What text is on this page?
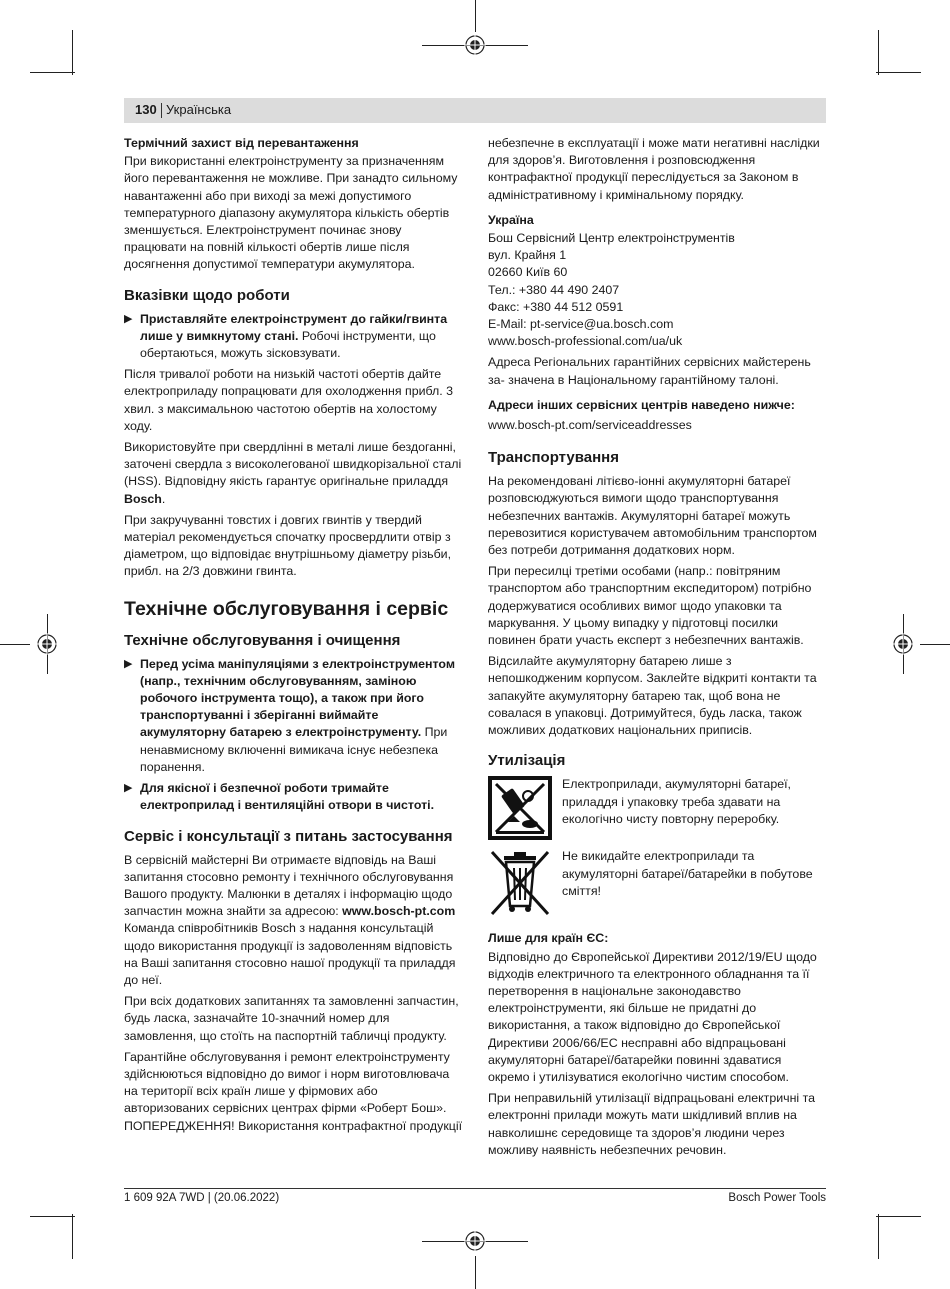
130 Українська
Термічний захист від перевантаження

При використанні електроінструменту за призначенням його перевантаження не можливе. При занадто сильному навантаженні або при виході за межі допустимого температурного діапазону акумулятора кількість обертів зменшується. Електроінструмент починає знову працювати на повній кількості обертів лише після досягнення допустимої температури акумулятора.

Вказівки щодо роботи
▶ Приставляйте електроінструмент до гайки/гвинта лише у вимкнутому стані. Робочі інструменти, що обертаються, можуть зісковзувати.

Після тривалої роботи на низькій частоті обертів дайте електроприладу попрацювати для охолодження прибл. 3 хвил. з максимальною частотою обертів на холостому ходу.

Використовуйте при свердлінні в металі лише бездоганні, заточені свердла з високолегованої швидкорізальної сталі (HSS). Відповідну якість гарантує оригінальне приладдя Bosch.

При закручуванні товстих і довгих гвинтів у твердий матеріал рекомендується спочатку просвердлити отвір з діаметром, що відповідає внутрішньому діаметру різьби, прибл. на 2/3 довжини гвинта.

Технічне обслуговування і сервіс
Технічне обслуговування і очищення
▶ Перед усіма маніпуляціями з електроінструментом (напр., технічним обслуговуванням, заміною робочого інструмента тощо), а також при його транспортуванні і зберіганні виймайте акумуляторну батарею з електроінструменту. При ненавмисному включенні вимикача існує небезпека поранення.
▶ Для якісної і безпечної роботи тримайте електроприлад і вентиляційні отвори в чистоті.
Сервіс і консультації з питань застосування

В сервісній майстерні Ви отримаєте відповідь на Ваші запитання стосовно ремонту і технічного обслуговування Вашого продукту. Малюнки в деталях і інформацію щодо запчастин можна знайти за адресою: www.bosch-pt.com Команда співробітників Bosch з надання консультацій щодо використання продукції із задоволенням відповість на Ваші запитання стосовно нашої продукції та приладдя до неї.

При всіх додаткових запитаннях та замовленні запчастин, будь ласка, зазначайте 10-значний номер для замовлення, що стоїть на паспортній табличці продукту.

Гарантійне обслуговування і ремонт електроінструменту здійснюються відповідно до вимог і норм виготовлювача на території всіх країн лише у фірмових або авторизованих сервісних центрах фірми «Роберт Бош». ПОПЕРЕДЖЕННЯ! Використання контрафактної продукції

небезпечне в експлуатації і може мати негативні наслідки для здоров’я. Виготовлення і розповсюдження контрафактної продукції переслідується за Законом в адміністративному і кримінальному порядку.

Україна
Бош Сервісний Центр електроінструментів
вул. Крайня 1
02660 Київ 60
Тел.: +380 44 490 2407
Факс: +380 44 512 0591
E-Mail: pt-service@ua.bosch.com
www.bosch-professional.com/ua/uk

Адреса Регіональних гарантійних сервісних майстерень за- значена в Національному гарантійному талоні.

Адреси інших сервісних центрів наведено нижче:

www.bosch-pt.com/serviceaddresses

Транспортування

На рекомендовані літієво-іонні акумуляторні батареї розповсюджуються вимоги щодо транспортування небезпечних вантажів. Акумуляторні батареї можуть перевозитися користувачем автомобільним транспортом без потреби дотримання додаткових норм.

При пересилці третіми особами (напр.: повітряним транспортом або транспортним експедитором) потрібно додержуватися особливих вимог щодо упаковки та маркування. У цьому випадку у підготовці посилки повинен брати участь експерт з небезпечних вантажів.

Відсилайте акумуляторну батарею лише з непошкодженим корпусом. Заклейте відкриті контакти та запакуйте акумуляторну батарею так, щоб вона не совалася в упаковці. Дотримуйтеся, будь ласка, також можливих додаткових національних приписів.

Утилізація
Електроприлади, акумуляторні батареї, приладдя і упаковку треба здавати на екологічно чисту повторну переробку.
Не викидайте електроприлади та акумуляторні батареї/батарейки в побутове сміття!
Лише для країн ЄС:

Відповідно до Європейської Директиви 2012/19/EU щодо відходів електричного та електронного обладнання та її перетворення в національне законодавство електроінструменти, які більше не придатні до використання, а також відповідно до Європейської Директиви 2006/66/EC несправні або відпрацьовані акумуляторні батареї/батарейки повинні здаватися окремо і утилізуватися екологічно чистим способом.

При неправильній утилізації відпрацьовані електричні та електронні прилади можуть мати шкідливий вплив на навколишнє середовище та здоров’я людини через можливу наявність небезпечних речовин.

1 609 92A 7WD | (20.06.2022)	Bosch Power Tools
